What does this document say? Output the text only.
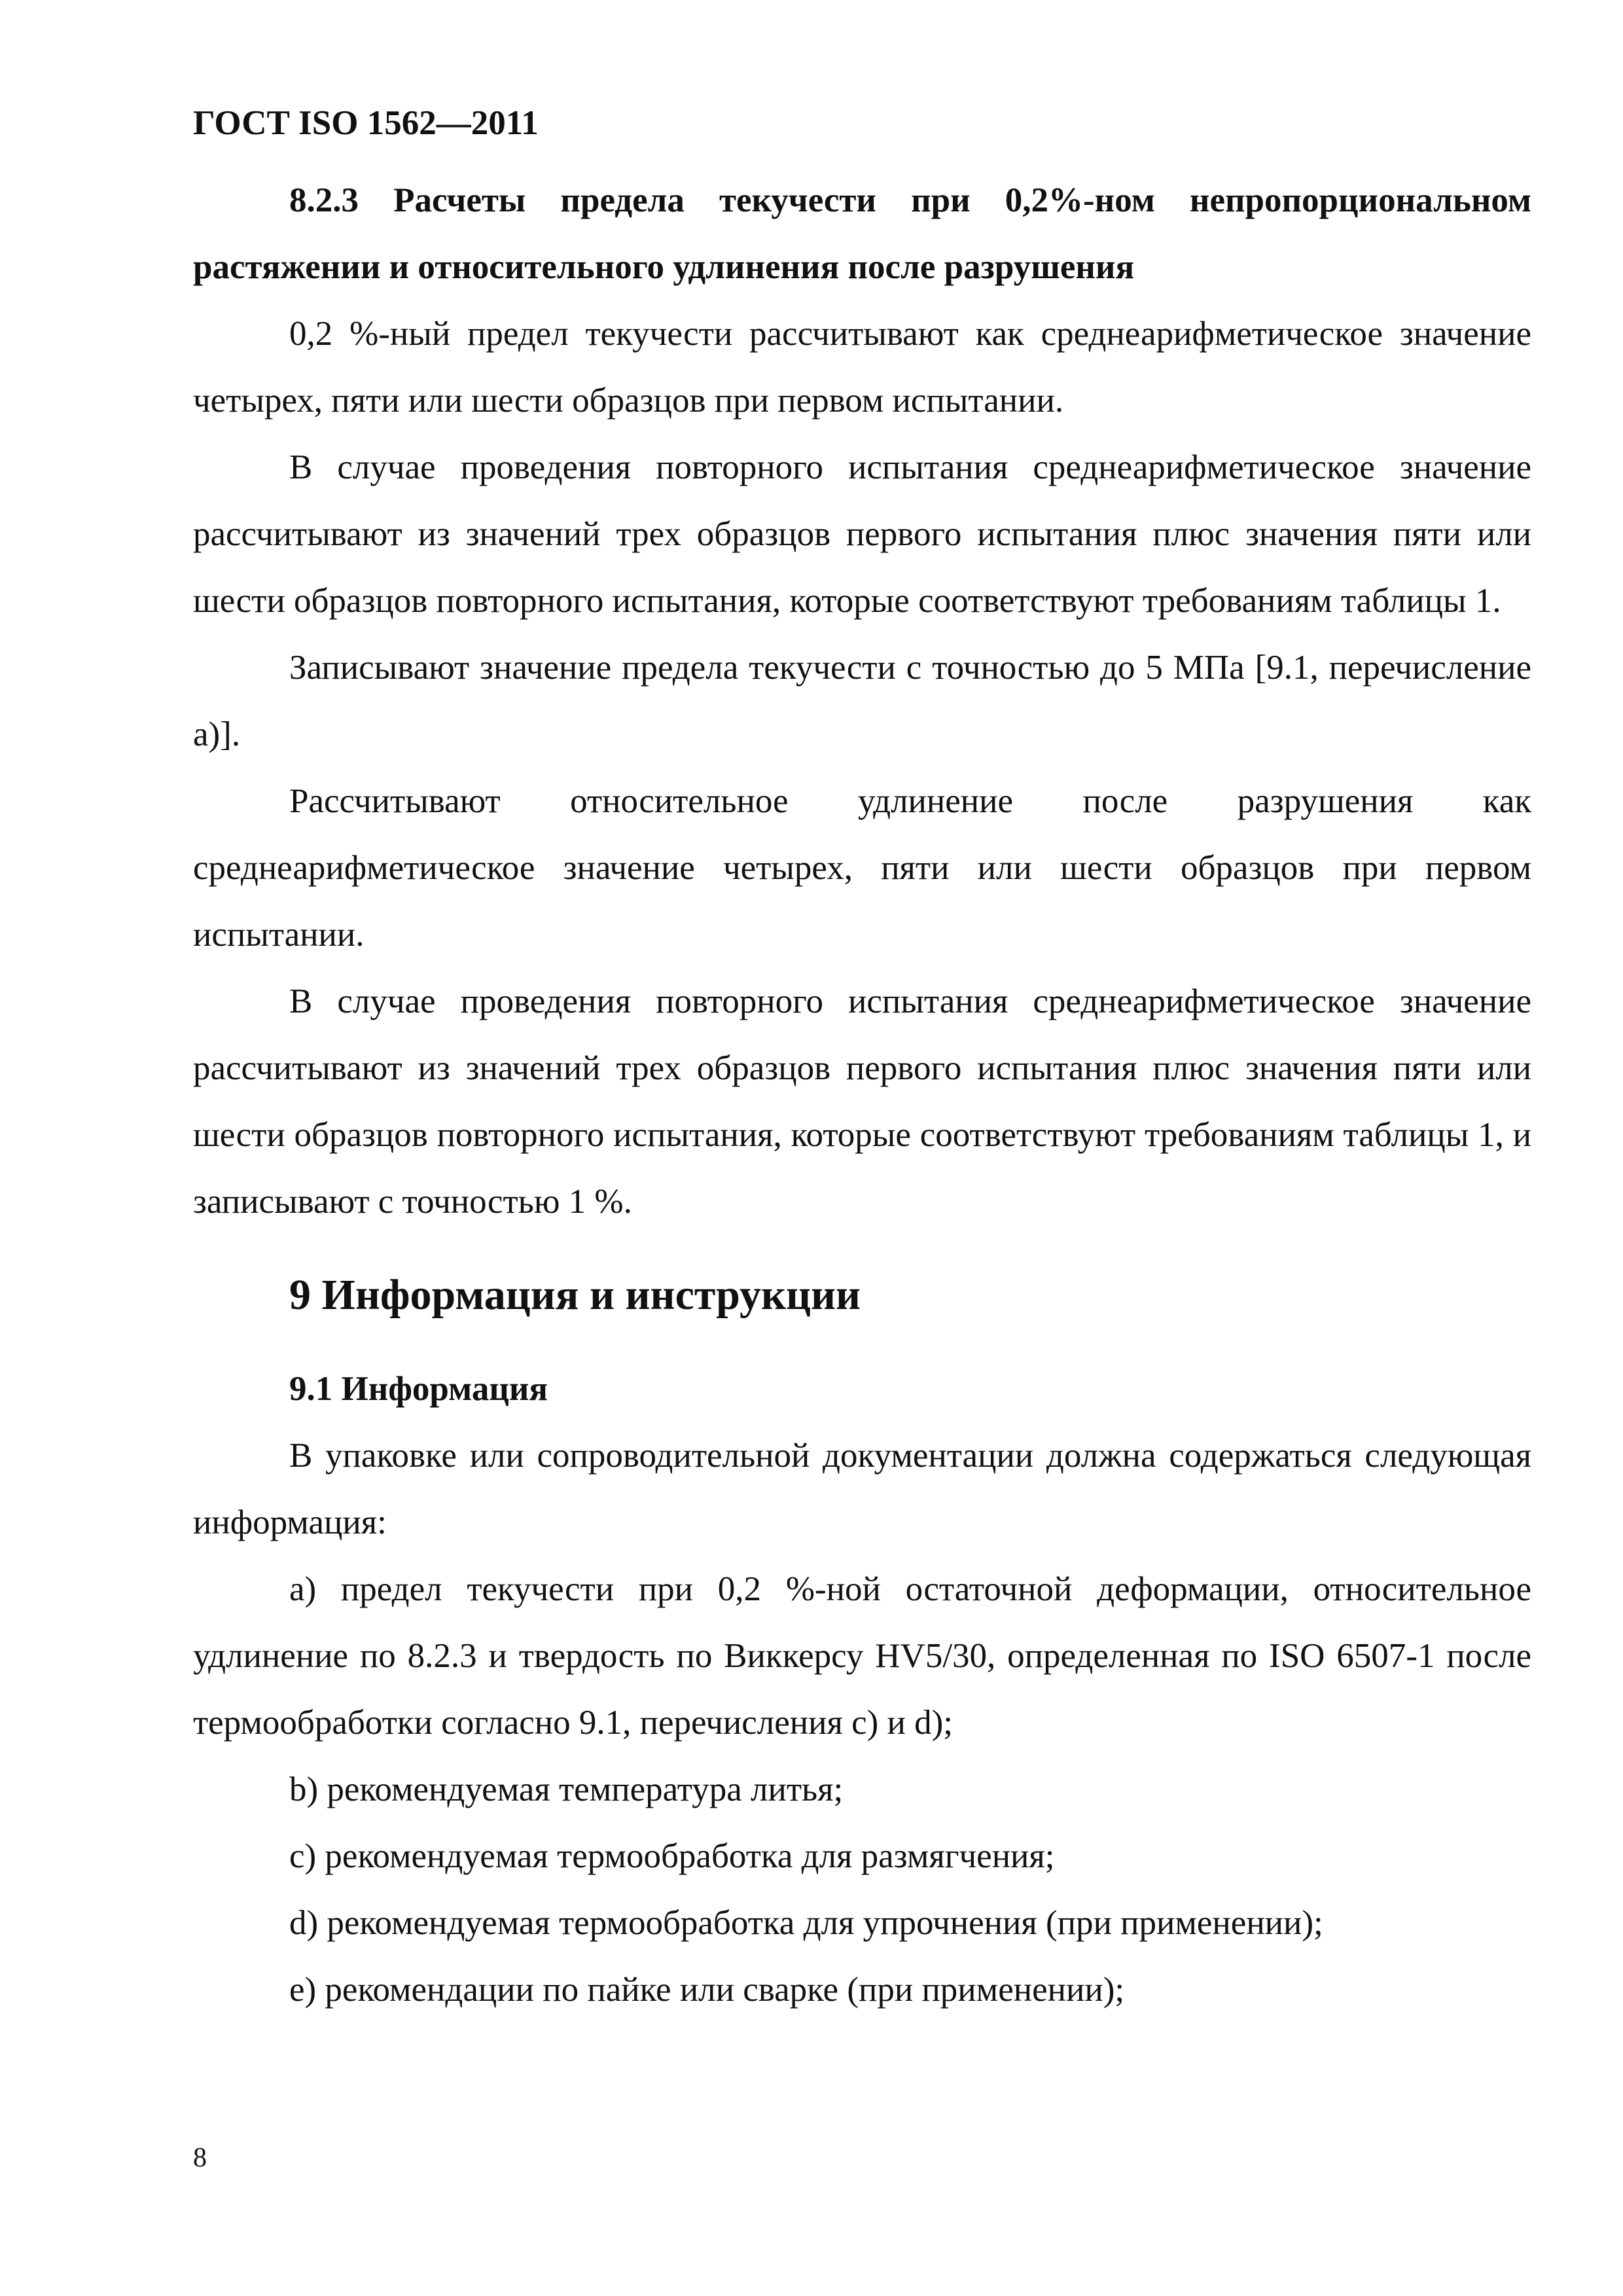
ГОСТ ISO 1562—2011

8.2.3 Расчеты предела текучести при 0,2%-ном непропорциональном растяжении и относительного удлинения после разрушения

0,2 %-ный предел текучести рассчитывают как среднеарифметическое значение четырех, пяти или шести образцов при первом испытании.

В случае проведения повторного испытания среднеарифметическое значение рассчитывают из значений трех образцов первого испытания плюс значения пяти или шести образцов повторного испытания, которые соответствуют требованиям таблицы 1.

Записывают значение предела текучести с точностью до 5 МПа [9.1, перечисление а)].

Рассчитывают относительное удлинение после разрушения как среднеарифметическое значение четырех, пяти или шести образцов при первом испытании.

В случае проведения повторного испытания среднеарифметическое значение рассчитывают из значений трех образцов первого испытания плюс значения пяти или шести образцов повторного испытания, которые соответствуют требованиям таблицы 1, и записывают с точностью 1 %.

9 Информация и инструкции
9.1 Информация

В упаковке или сопроводительной документации должна содержаться следующая информация:

а) предел текучести при 0,2 %-ной остаточной деформации, относительное удлинение по 8.2.3 и твердость по Виккерсу HV5/30, определенная по ISO 6507-1 после термообработки согласно 9.1, перечисления с) и d);

b) рекомендуемая температура литья;

с) рекомендуемая термообработка для размягчения;

d) рекомендуемая термообработка для упрочнения (при применении);

е) рекомендации по пайке или сварке (при применении);

8
